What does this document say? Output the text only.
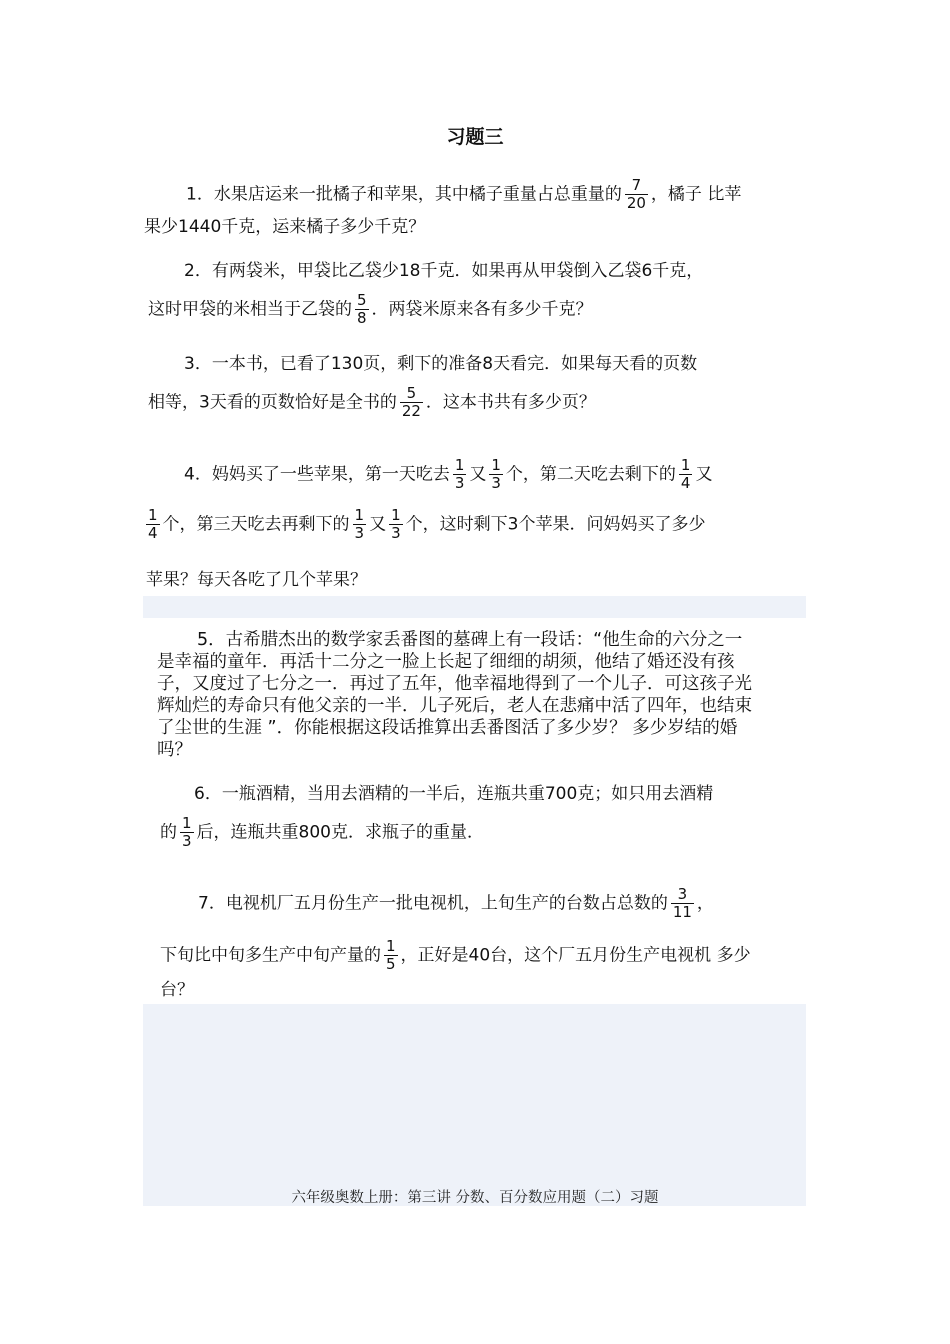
习题三
1．水果店运来一批橘子和苹果，其中橘子重量占总重量的 $\frac{7}{20}$ ，橘子 比苹
果少1440千克，运来橘子多少千克？
2．有两袋米，甲袋比乙袋少18千克．如果再从甲袋倒入乙袋6千克，
这时甲袋的米相当于乙袋的 $\frac{5}{8}$ ．两袋米原来各有多少千克？
3．一本书，已看了130页，剩下的准备8天看完．如果每天看的页数
相等，3天看的页数恰好是全书的 $\frac{5}{22}$ ．这本书共有多少页？
4．妈妈买了一些苹果，第一天吃去 $\frac{1}{3}$ 又 $\frac{1}{3}$ 个，第二天吃去剩下的 $\frac{1}{4}$ 又
$\frac{1}{4}$ 个，第三天吃去再剩下的 $\frac{1}{3}$ 又 $\frac{1}{3}$ 个，这时剩下3个苹果．问妈妈买了多少
苹果？每天各吃了几个苹果？
5．古希腊杰出的数学家丢番图的墓碑上有一段话：“他生命的六分之一
是幸福的童年．再活十二分之一脸上长起了细细的胡须，他结了婚还没有孩
子，又度过了七分之一．再过了五年，他幸福地得到了一个儿子．可这孩子光
辉灿烂的寿命只有他父亲的一半．儿子死后，老人在悲痛中活了四年，也结束
了尘世的生涯 ”．你能根据这段话推算出丢番图活了多少岁？ 多少岁结的婚
吗？
6．一瓶酒精，当用去酒精的一半后，连瓶共重700克；如只用去酒精
的 $\frac{1}{3}$ 后，连瓶共重800克．求瓶子的重量．
7．电视机厂五月份生产一批电视机，上旬生产的台数占总数的 $\frac{3}{11}$ ，
下旬比中旬多生产中旬产量的 $\frac{1}{5}$ ，正好是40台，这个厂五月份生产电视机 多少
台？
六年级奥数上册：第三讲 分数、百分数应用题（二）习题
